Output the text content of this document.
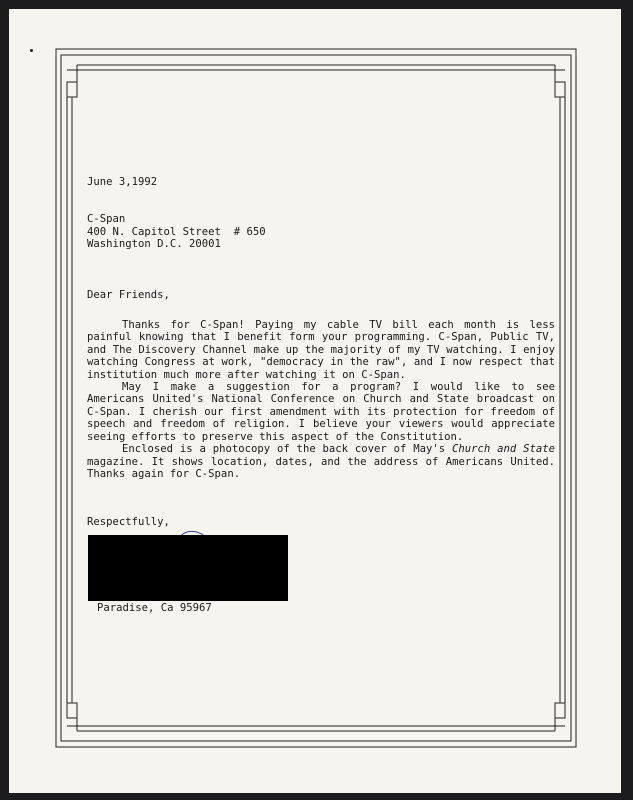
June 3,1992
C-Span
400 N. Capitol Street  # 650
Washington D.C. 20001
Dear Friends,
Thanks for C-Span! Paying my cable TV bill each month is less painful knowing that I benefit form your programming. C-Span, Public TV, and The Discovery Channel make up the majority of my TV watching. I enjoy watching Congress at work, "democracy in the raw", and I now respect that institution much more after watching it on C-Span.
May I make a suggestion for a program? I would like to see Americans United's National Conference on Church and State broadcast on C-Span. I cherish our first amendment with its protection for freedom of speech and freedom of religion. I believe your viewers would appreciate seeing efforts to preserve this aspect of the Constitution.
Enclosed is a photocopy of the back cover of May's Church and State magazine. It shows location, dates, and the address of Americans United. Thanks again for C-Span.
Respectfully,
Paradise, Ca 95967
